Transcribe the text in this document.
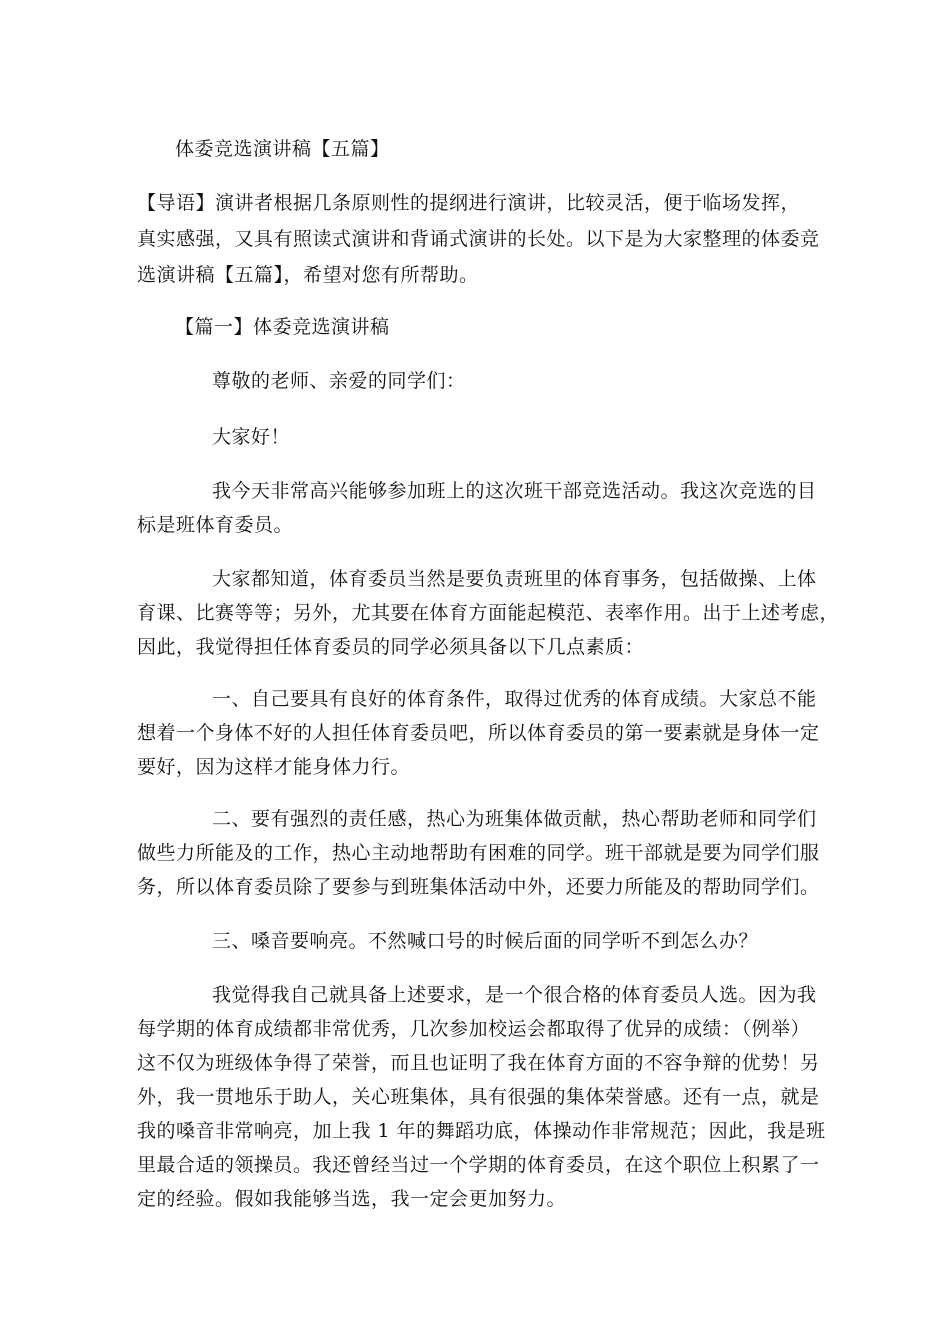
体委竞选演讲稿【五篇】
【导语】演讲者根据几条原则性的提纲进行演讲，比较灵活，便于临场发挥，
真实感强，又具有照读式演讲和背诵式演讲的长处。以下是为大家整理的体委竞
选演讲稿【五篇】，希望对您有所帮助。
【篇一】体委竞选演讲稿
尊敬的老师、亲爱的同学们：
大家好！
我今天非常高兴能够参加班上的这次班干部竞选活动。我这次竞选的目
标是班体育委员。
大家都知道，体育委员当然是要负责班里的体育事务，包括做操、上体
育课、比赛等等；另外，尤其要在体育方面能起模范、表率作用。出于上述考虑，
因此，我觉得担任体育委员的同学必须具备以下几点素质：
一、自己要具有良好的体育条件，取得过优秀的体育成绩。大家总不能
想着一个身体不好的人担任体育委员吧，所以体育委员的第一要素就是身体一定
要好，因为这样才能身体力行。
二、要有强烈的责任感，热心为班集体做贡献，热心帮助老师和同学们
做些力所能及的工作，热心主动地帮助有困难的同学。班干部就是要为同学们服
务，所以体育委员除了要参与到班集体活动中外，还要力所能及的帮助同学们。
三、嗓音要响亮。不然喊口号的时候后面的同学听不到怎么办？
我觉得我自己就具备上述要求，是一个很合格的体育委员人选。因为我
每学期的体育成绩都非常优秀，几次参加校运会都取得了优异的成绩：（例举）
这不仅为班级体争得了荣誉，而且也证明了我在体育方面的不容争辩的优势！另
外，我一贯地乐于助人，关心班集体，具有很强的集体荣誉感。还有一点，就是
我的嗓音非常响亮，加上我 1 年的舞蹈功底，体操动作非常规范；因此，我是班
里最合适的领操员。我还曾经当过一个学期的体育委员，在这个职位上积累了一
定的经验。假如我能够当选，我一定会更加努力。
